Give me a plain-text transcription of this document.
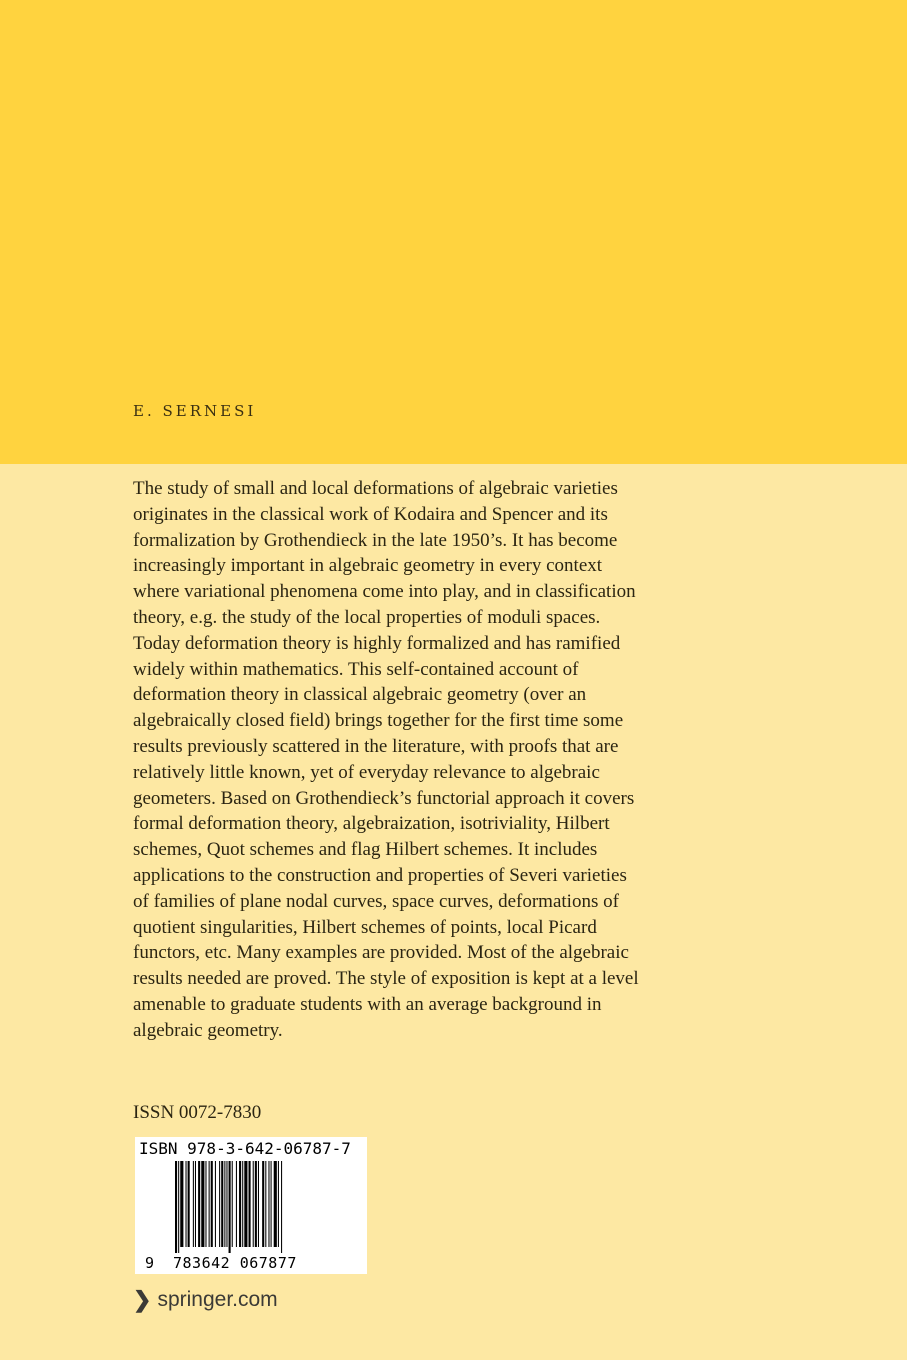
E. SERNESI
The study of small and local deformations of algebraic varieties
originates in the classical work of Kodaira and Spencer and its
formalization by Grothendieck in the late 1950’s. It has become
increasingly important in algebraic geometry in every context
where variational phenomena come into play, and in classification
theory, e.g. the study of the local properties of moduli spaces.
Today deformation theory is highly formalized and has ramified
widely within mathematics. This self-contained account of
deformation theory in classical algebraic geometry (over an
algebraically closed field) brings together for the first time some
results previously scattered in the literature, with proofs that are
relatively little known, yet of everyday relevance to algebraic
geometers. Based on Grothendieck’s functorial approach it covers
formal deformation theory, algebraization, isotriviality, Hilbert
schemes, Quot schemes and flag Hilbert schemes. It includes
applications to the construction and properties of Severi varieties
of families of plane nodal curves, space curves, deformations of
quotient singularities, Hilbert schemes of points, local Picard
functors, etc. Many examples are provided. Most of the algebraic
results needed are proved. The style of exposition is kept at a level
amenable to graduate students with an average background in
algebraic geometry.
ISSN 0072-7830
ISBN 978-3-642-06787-7
9 783642 067877
❯ springer.com
